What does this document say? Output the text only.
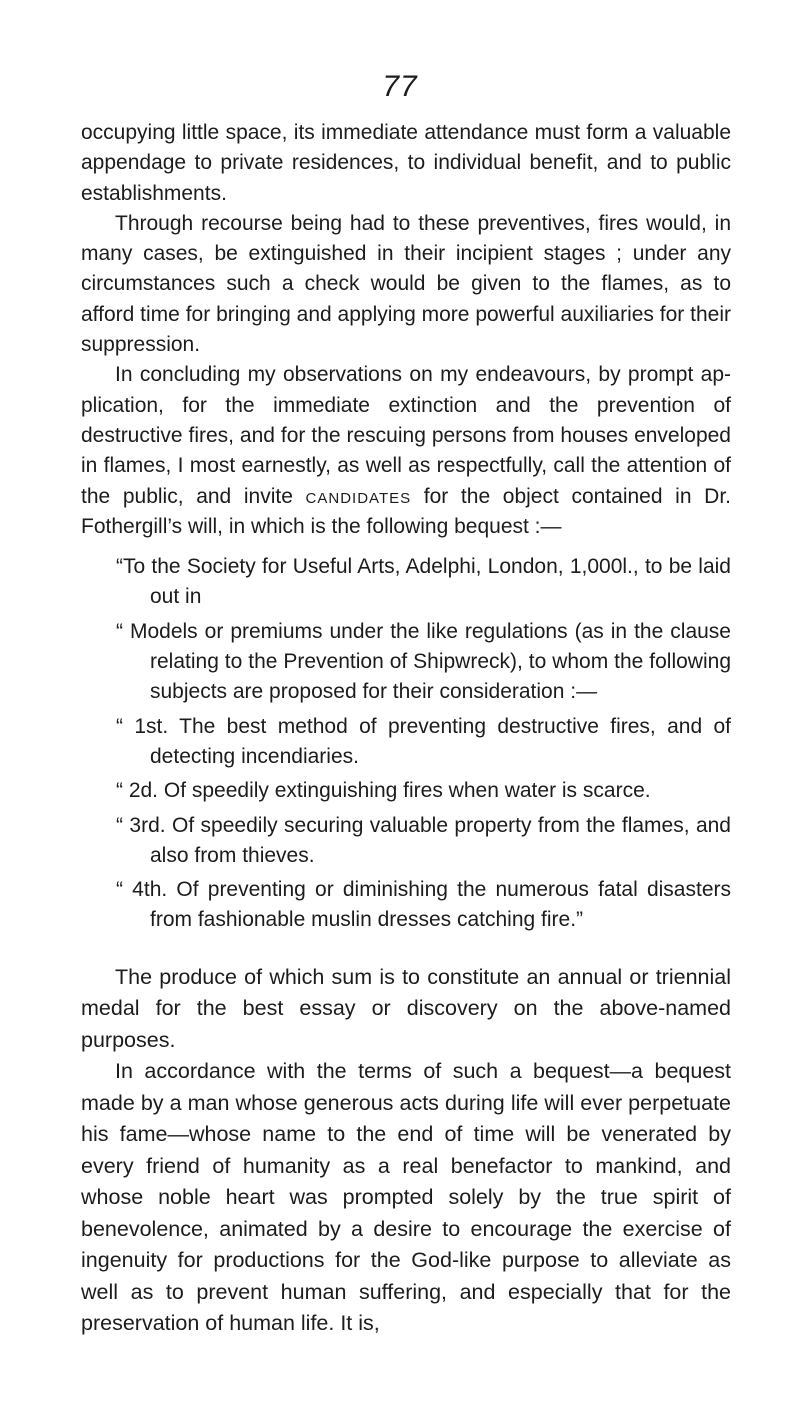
77

occupying little space, its immediate attendance must form a valuable appendage to private residences, to individual benefit, and to public establishments.

Through recourse being had to these preventives, fires would, in many cases, be extinguished in their incipient stages ; under any circumstances such a check would be given to the flames, as to afford time for bringing and applying more powerful auxiliaries for their suppression.

In concluding my observations on my endeavours, by prompt ap‑ plication, for the immediate extinction and the prevention of destructive fires, and for the rescuing persons from houses enveloped in flames, I most earnestly, as well as respectfully, call the attention of the public, and invite candidates for the object contained in Dr. Fothergill’s will, in which is the following bequest :—

“To the Society for Useful Arts, Adelphi, London, 1,000l., to be laid out in

“ Models or premiums under the like regulations (as in the clause relating to the Prevention of Shipwreck), to whom the following subjects are proposed for their consideration :—

“ 1st. The best method of preventing destructive fires, and of detecting incendiaries.

“ 2d. Of speedily extinguishing fires when water is scarce.

“ 3rd. Of speedily securing valuable property from the flames, and also from thieves.

“ 4th. Of preventing or diminishing the numerous fatal disasters from fashionable muslin dresses catching fire.”

The produce of which sum is to constitute an annual or triennial medal for the best essay or discovery on the above-named purposes.

In accordance with the terms of such a bequest—a bequest made by a man whose generous acts during life will ever perpetuate his fame—whose name to the end of time will be venerated by every friend of humanity as a real benefactor to mankind, and whose noble heart was prompted solely by the true spirit of benevolence, animated by a desire to encourage the exercise of ingenuity for productions for the God-like purpose to alleviate as well as to prevent human suffering, and especially that for the preservation of human life. It is,
